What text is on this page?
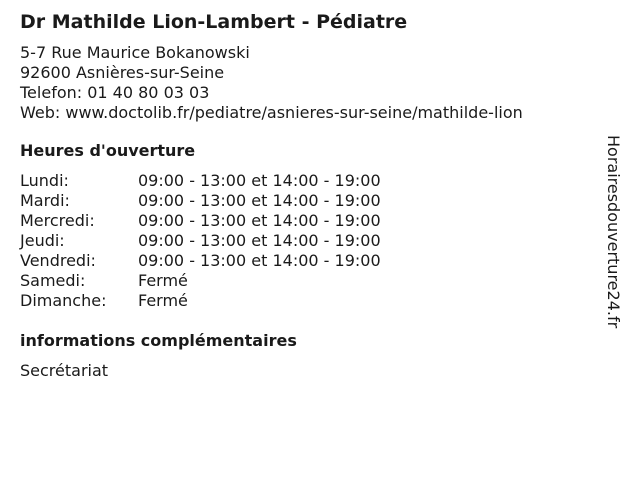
Dr Mathilde Lion-Lambert - Pédiatre
5-7 Rue Maurice Bokanowski
92600 Asnières-sur-Seine
Telefon: 01 40 80 03 03
Web: www.doctolib.fr/pediatre/asnieres-sur-seine/mathilde-lion
Heures d'ouverture
Lundi:	09:00 - 13:00 et 14:00 - 19:00
Mardi:	09:00 - 13:00 et 14:00 - 19:00
Mercredi:	09:00 - 13:00 et 14:00 - 19:00
Jeudi:	09:00 - 13:00 et 14:00 - 19:00
Vendredi:	09:00 - 13:00 et 14:00 - 19:00
Samedi:	Fermé
Dimanche:	Fermé
informations complémentaires
Secrétariat
Horairesdouverture24.fr
